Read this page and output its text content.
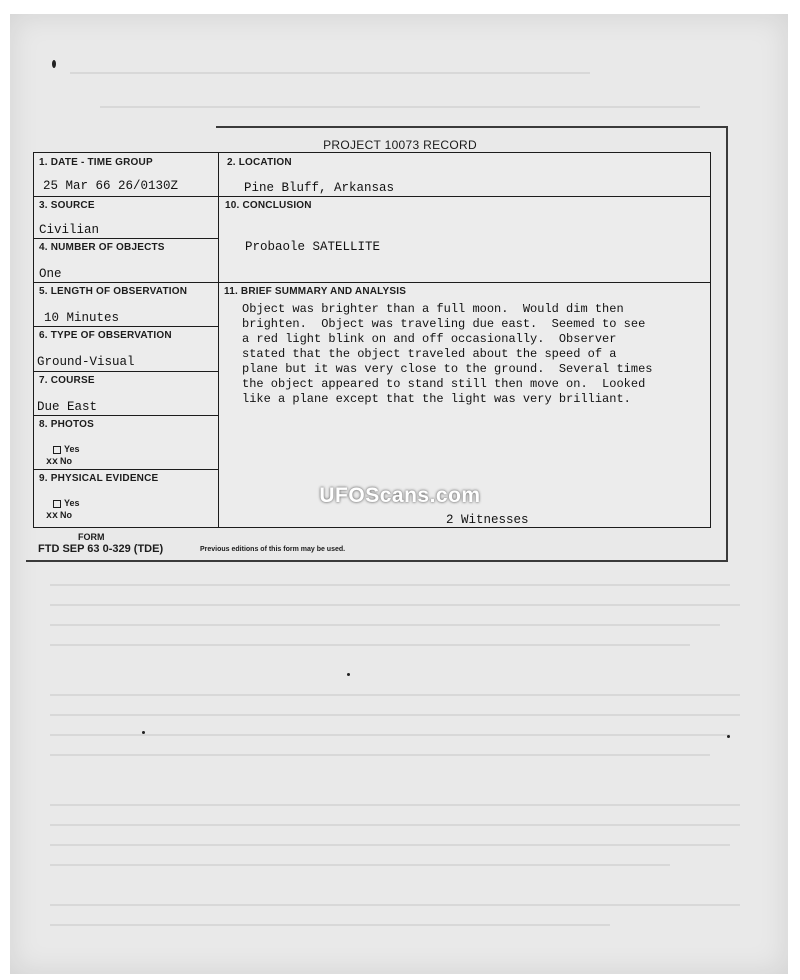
PROJECT 10073 RECORD
1. DATE - TIME GROUP
25 Mar 66 26/0130Z
3. SOURCE
Civilian
4. NUMBER OF OBJECTS
One
5. LENGTH OF OBSERVATION
10 Minutes
6. TYPE OF OBSERVATION
Ground-Visual
7. COURSE
Due East
8. PHOTOS
Yes
xx No
9. PHYSICAL EVIDENCE
Yes
xx No
2. LOCATION
Pine Bluff, Arkansas
10. CONCLUSION
Probaole SATELLITE
11. BRIEF SUMMARY AND ANALYSIS
Object was brighter than a full moon.  Would dim then
brighten.  Object was traveling due east.  Seemed to see
a red light blink on and off occasionally.  Observer
stated that the object traveled about the speed of a
plane but it was very close to the ground.  Several times
the object appeared to stand still then move on.  Looked
like a plane except that the light was very brilliant.
2 Witnesses
UFOScans.com
FORM
FTD SEP 63 0-329 (TDE)	Previous editions of this form may be used.
